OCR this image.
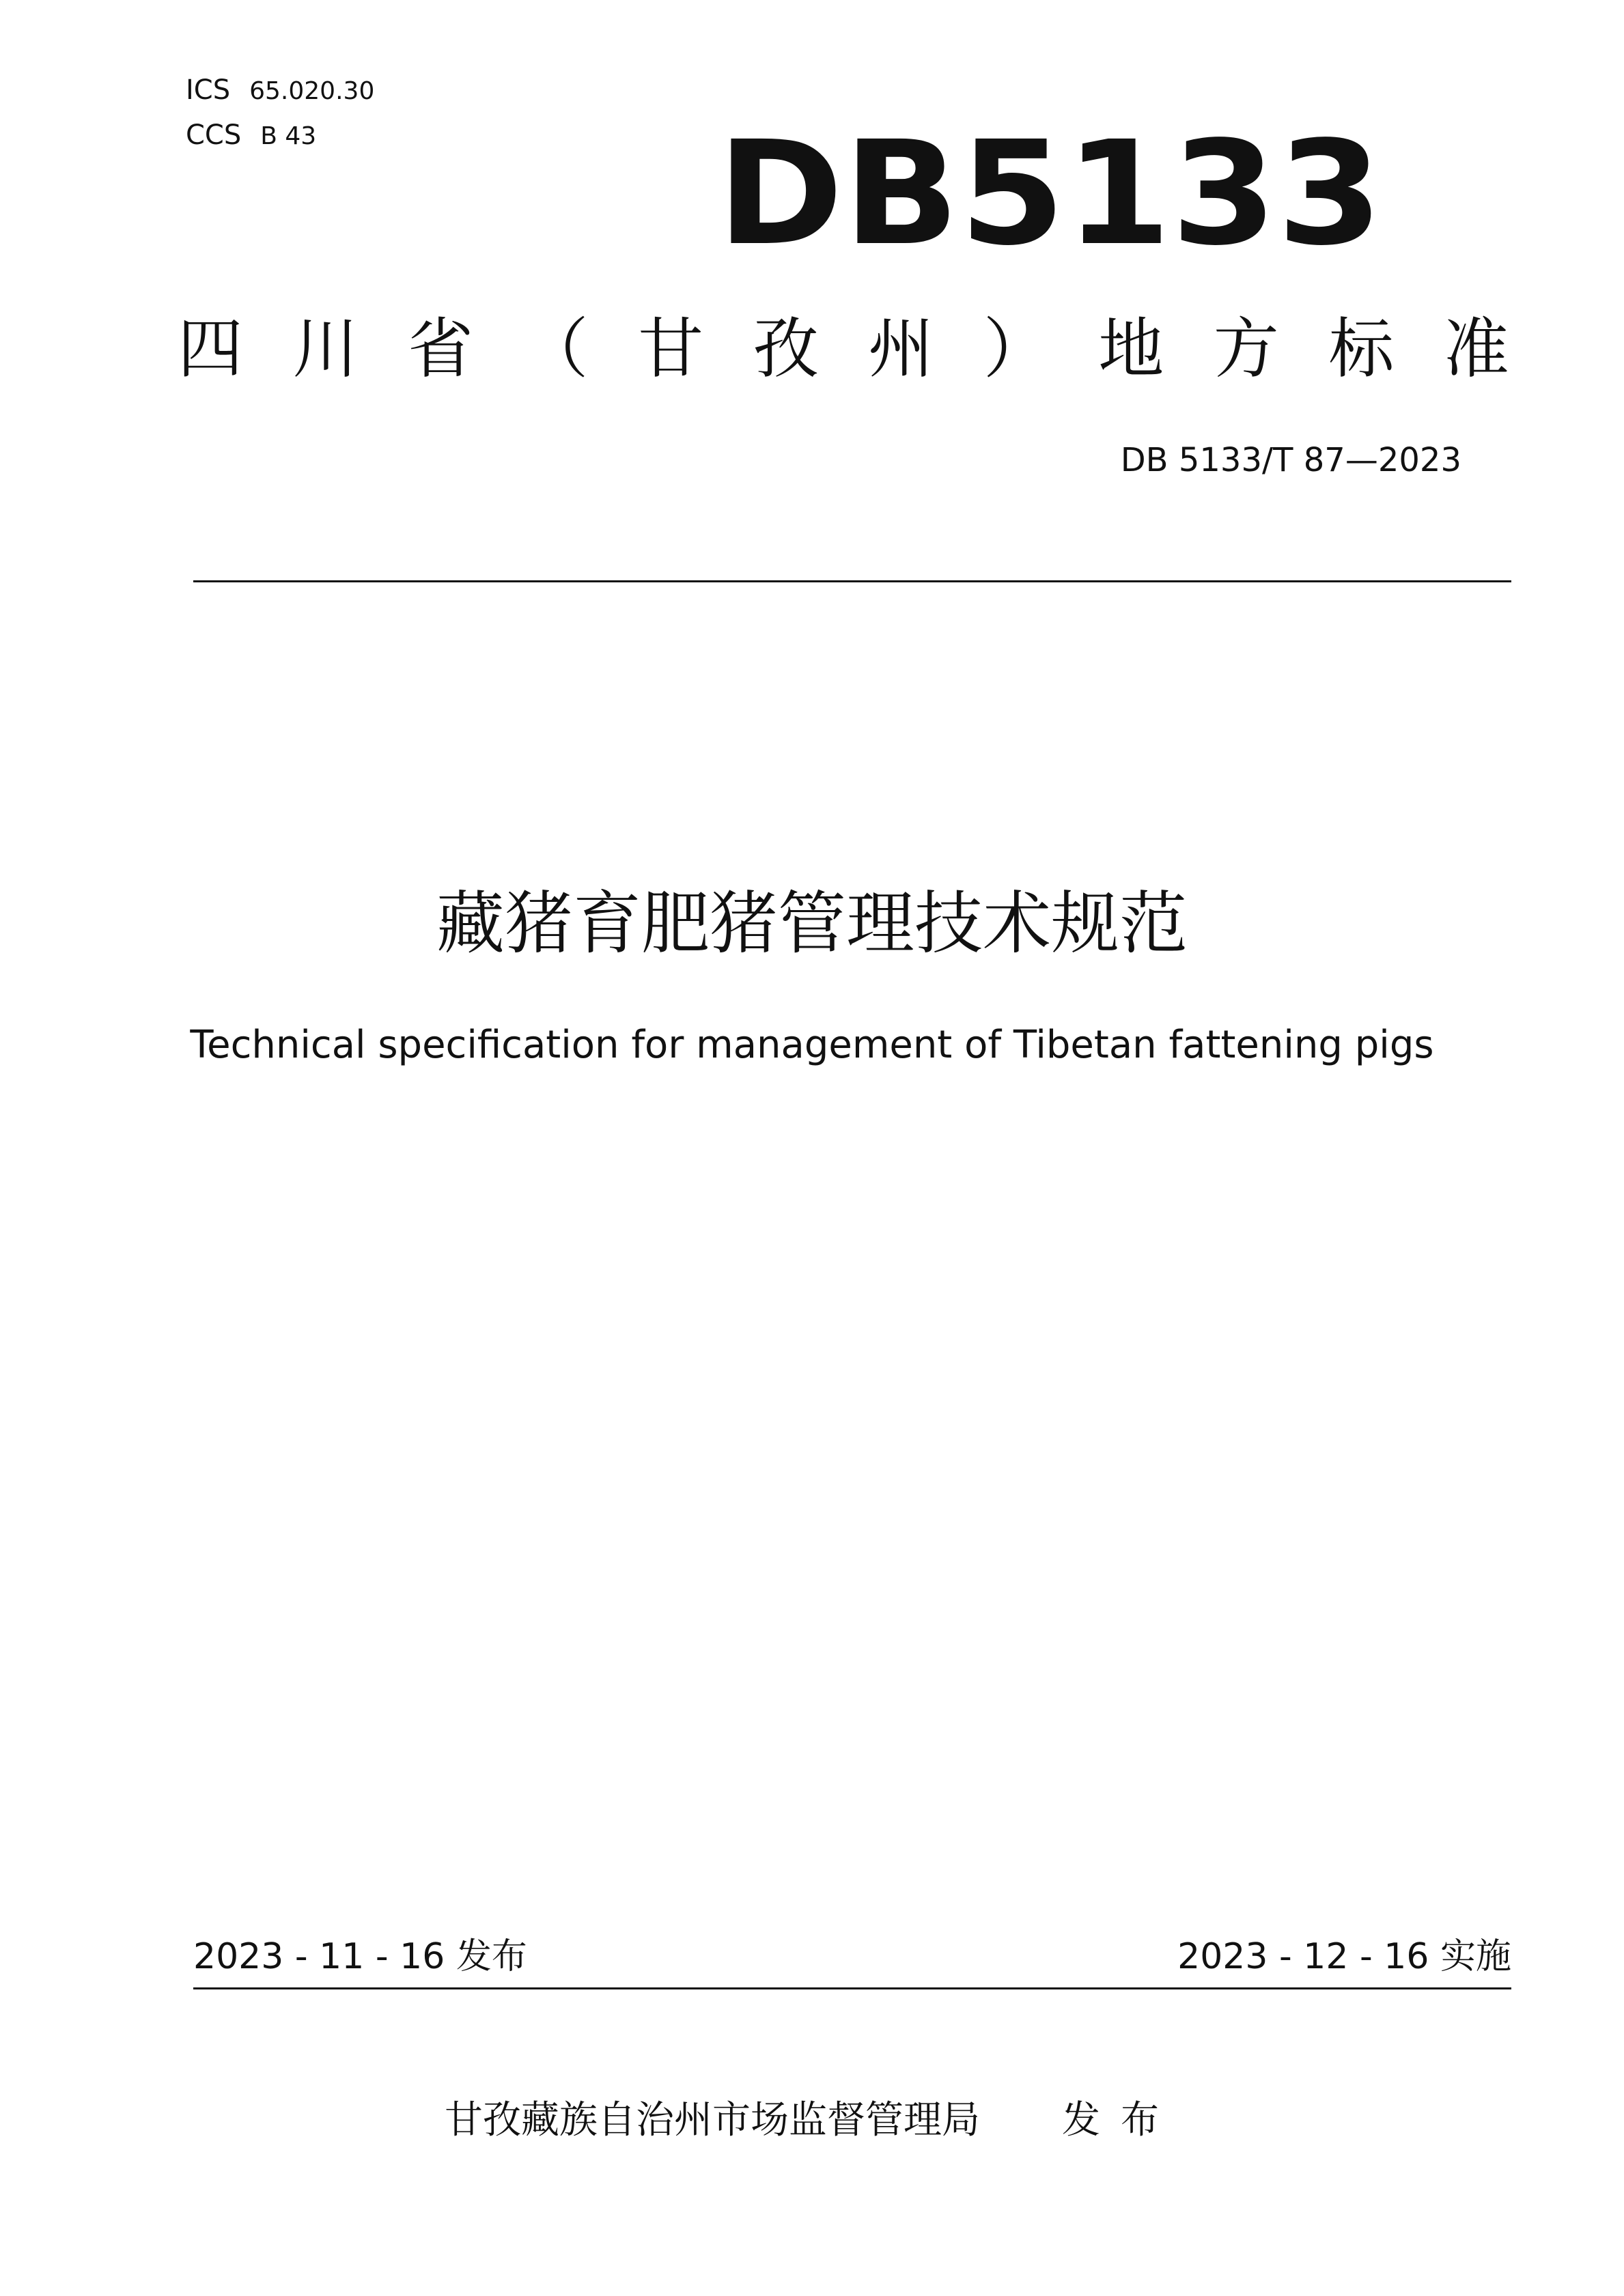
ICS 65.020.30
CCS B 43	DB5133
四 川 省 （ 甘 孜 州 ） 地 方 标 准
DB 5133/T 87—2023
藏猪育肥猪管理技术规范
Technical specification for management of Tibetan fattening pigs
2023 - 11 - 16 发布	2023 - 12 - 16 实施
甘孜藏族自治州市场监督管理局 发布
